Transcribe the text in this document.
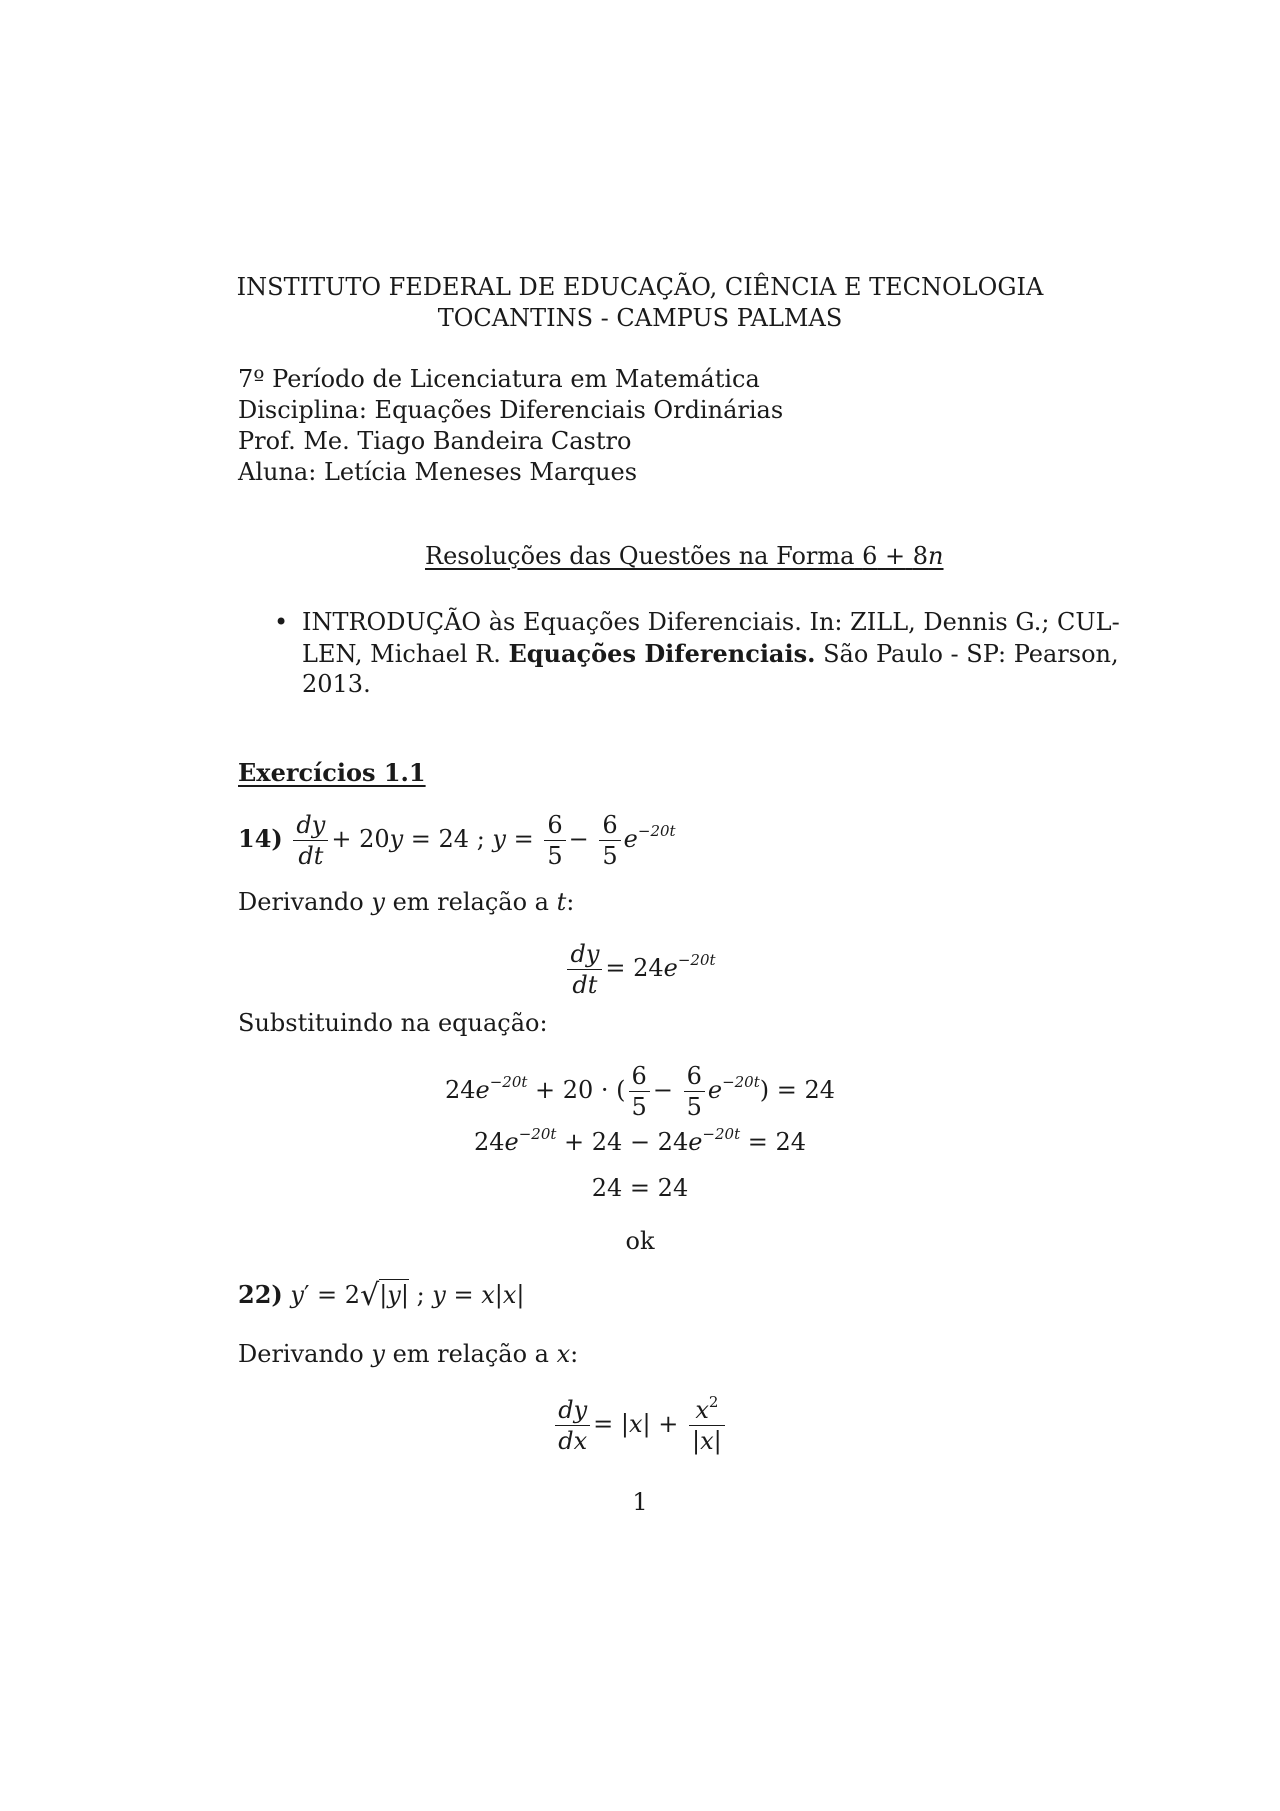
INSTITUTO FEDERAL DE EDUCAÇÃO, CIÊNCIA E TECNOLOGIA
TOCANTINS - CAMPUS PALMAS
7º Período de Licenciatura em Matemática
Disciplina: Equações Diferenciais Ordinárias
Prof. Me. Tiago Bandeira Castro
Aluna: Letícia Meneses Marques
Resoluções das Questões na Forma 6 + 8n
• INTRODUÇÃO às Equações Diferenciais. In: ZILL, Dennis G.; CUL-
LEN, Michael R. Equações Diferenciais. São Paulo - SP: Pearson,
2013.
Exercícios 1.1
$14) \frac{dy}{dt} + 20y = 24$ ; $y = \frac{6}{5} - \frac{6}{5} e^{-20t}$
Derivando y em relação a t:
$\frac{dy}{dt} = 24e^{-20t}$
Substituindo na equação:
$24e^{-20t} + 20$ · ( $\frac{6}{5} - \frac{6}{5} e^{-20t}) = 24$
$24e^{-20t} + 24 - 24e^{-20t} = 24$
24 = 24
ok
22) y′ = 2√|y| ; y = x|x|
Derivando y em relação a x:
$\frac{dy}{dx} = |x| + \frac{x^2}{|x|}$
1
